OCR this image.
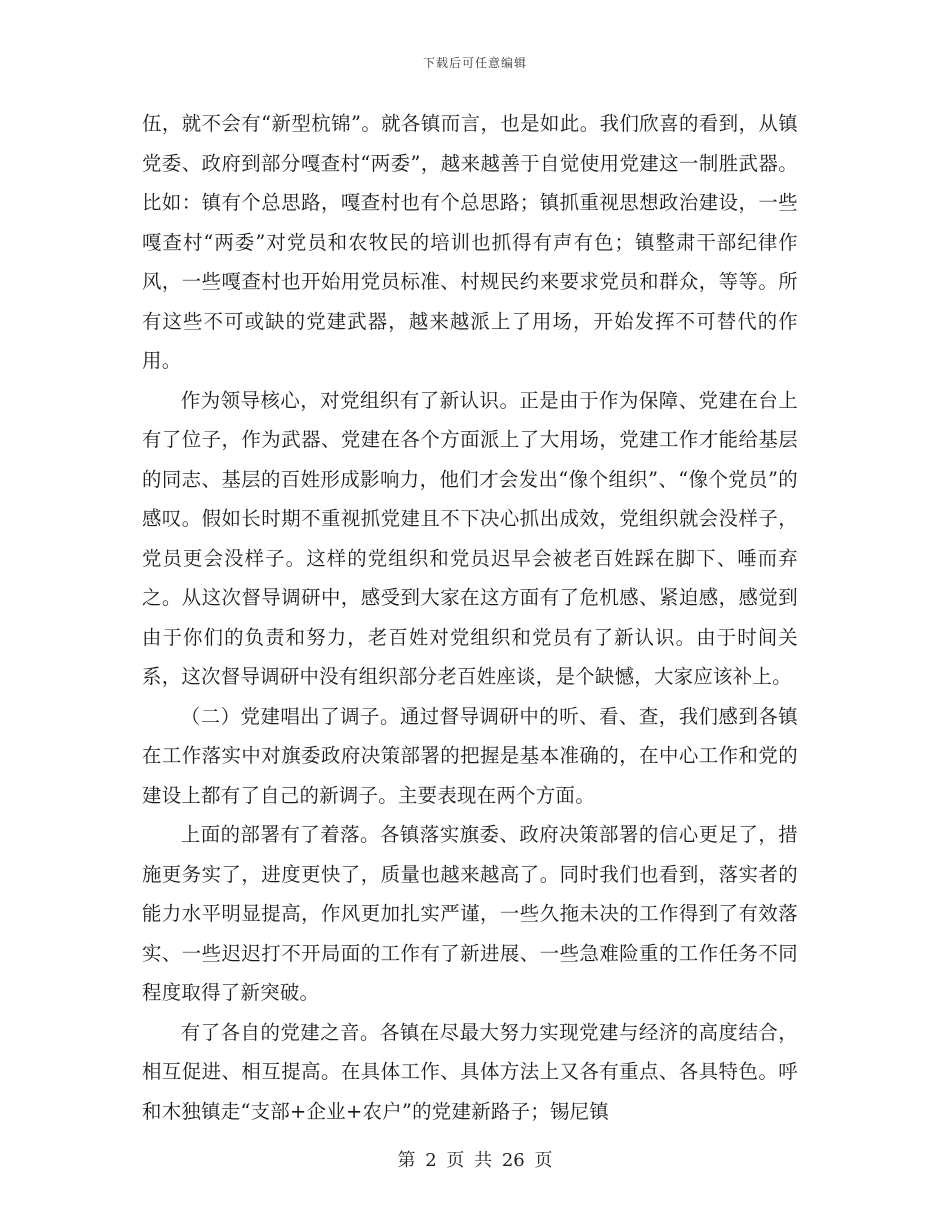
下载后可任意编辑

伍，就不会有“新型杭锦”。就各镇而言，也是如此。我们欣喜的看到，从镇党委、政府到部分嘎查村“两委”，越来越善于自觉使用党建这一制胜武器。比如：镇有个总思路，嘎查村也有个总思路；镇抓重视思想政治建设，一些嘎查村“两委”对党员和农牧民的培训也抓得有声有色；镇整肃干部纪律作风，一些嘎查村也开始用党员标准、村规民约来要求党员和群众，等等。所有这些不可或缺的党建武器，越来越派上了用场，开始发挥不可替代的作用。

作为领导核心，对党组织有了新认识。正是由于作为保障、党建在台上有了位子，作为武器、党建在各个方面派上了大用场，党建工作才能给基层的同志、基层的百姓形成影响力，他们才会发出“像个组织”、“像个党员”的感叹。假如长时期不重视抓党建且不下决心抓出成效，党组织就会没样子，党员更会没样子。这样的党组织和党员迟早会被老百姓踩在脚下、唾而弃之。从这次督导调研中，感受到大家在这方面有了危机感、紧迫感，感觉到由于你们的负责和努力，老百姓对党组织和党员有了新认识。由于时间关系，这次督导调研中没有组织部分老百姓座谈，是个缺憾，大家应该补上。

（二）党建唱出了调子。通过督导调研中的听、看、查，我们感到各镇在工作落实中对旗委政府决策部署的把握是基本准确的，在中心工作和党的建设上都有了自己的新调子。主要表现在两个方面。

上面的部署有了着落。各镇落实旗委、政府决策部署的信心更足了，措施更务实了，进度更快了，质量也越来越高了。同时我们也看到，落实者的能力水平明显提高，作风更加扎实严谨，一些久拖未决的工作得到了有效落实、一些迟迟打不开局面的工作有了新进展、一些急难险重的工作任务不同程度取得了新突破。

有了各自的党建之音。各镇在尽最大努力实现党建与经济的高度结合，相互促进、相互提高。在具体工作、具体方法上又各有重点、各具特色。呼和木独镇走“支部+企业+农户”的党建新路子；锡尼镇

第 2 页 共 26 页
